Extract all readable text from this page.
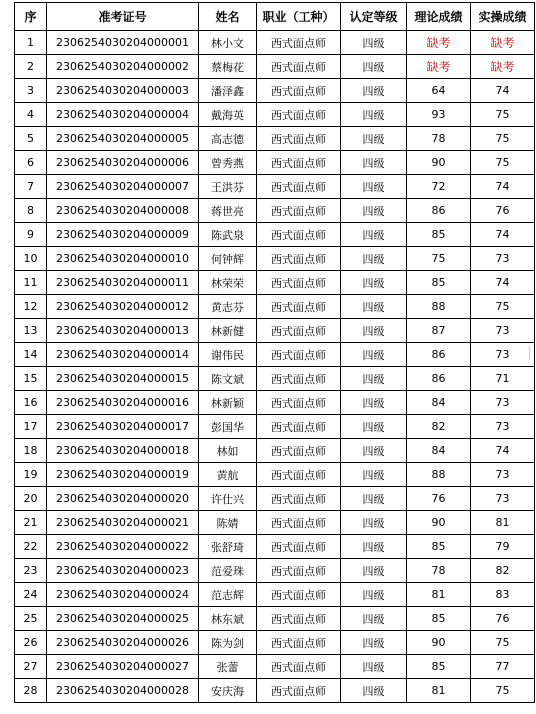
序	准考证号	姓名	职业（工种）	认定等级	理论成绩	实操成绩
1	2306254030204000001	林小文	西式面点师	四级	缺考	缺考
2	2306254030204000002	蔡梅花	西式面点师	四级	缺考	缺考
3	2306254030204000003	潘泽鑫	西式面点师	四级	64	74
4	2306254030204000004	戴海英	西式面点师	四级	93	75
5	2306254030204000005	高志德	西式面点师	四级	78	75
6	2306254030204000006	曾秀燕	西式面点师	四级	90	75
7	2306254030204000007	王洪芬	西式面点师	四级	72	74
8	2306254030204000008	蒋世亮	西式面点师	四级	86	76
9	2306254030204000009	陈武泉	西式面点师	四级	85	74
10	2306254030204000010	何钟辉	西式面点师	四级	75	73
11	2306254030204000011	林荣荣	西式面点师	四级	85	74
12	2306254030204000012	黄志芬	西式面点师	四级	88	75
13	2306254030204000013	林新健	西式面点师	四级	87	73
14	2306254030204000014	谢伟民	西式面点师	四级	86	73
15	2306254030204000015	陈文斌	西式面点师	四级	86	71
16	2306254030204000016	林新颖	西式面点师	四级	84	73
17	2306254030204000017	彭国华	西式面点师	四级	82	73
18	2306254030204000018	林如	西式面点师	四级	84	74
19	2306254030204000019	黄航	西式面点师	四级	88	73
20	2306254030204000020	许仕兴	西式面点师	四级	76	73
21	2306254030204000021	陈婧	西式面点师	四级	90	81
22	2306254030204000022	张舒琦	西式面点师	四级	85	79
23	2306254030204000023	范爱珠	西式面点师	四级	78	82
24	2306254030204000024	范志辉	西式面点师	四级	81	83
25	2306254030204000025	林东斌	西式面点师	四级	85	76
26	2306254030204000026	陈为剑	西式面点师	四级	90	75
27	2306254030204000027	张蕾	西式面点师	四级	85	77
28	2306254030204000028	安庆海	西式面点师	四级	81	75
